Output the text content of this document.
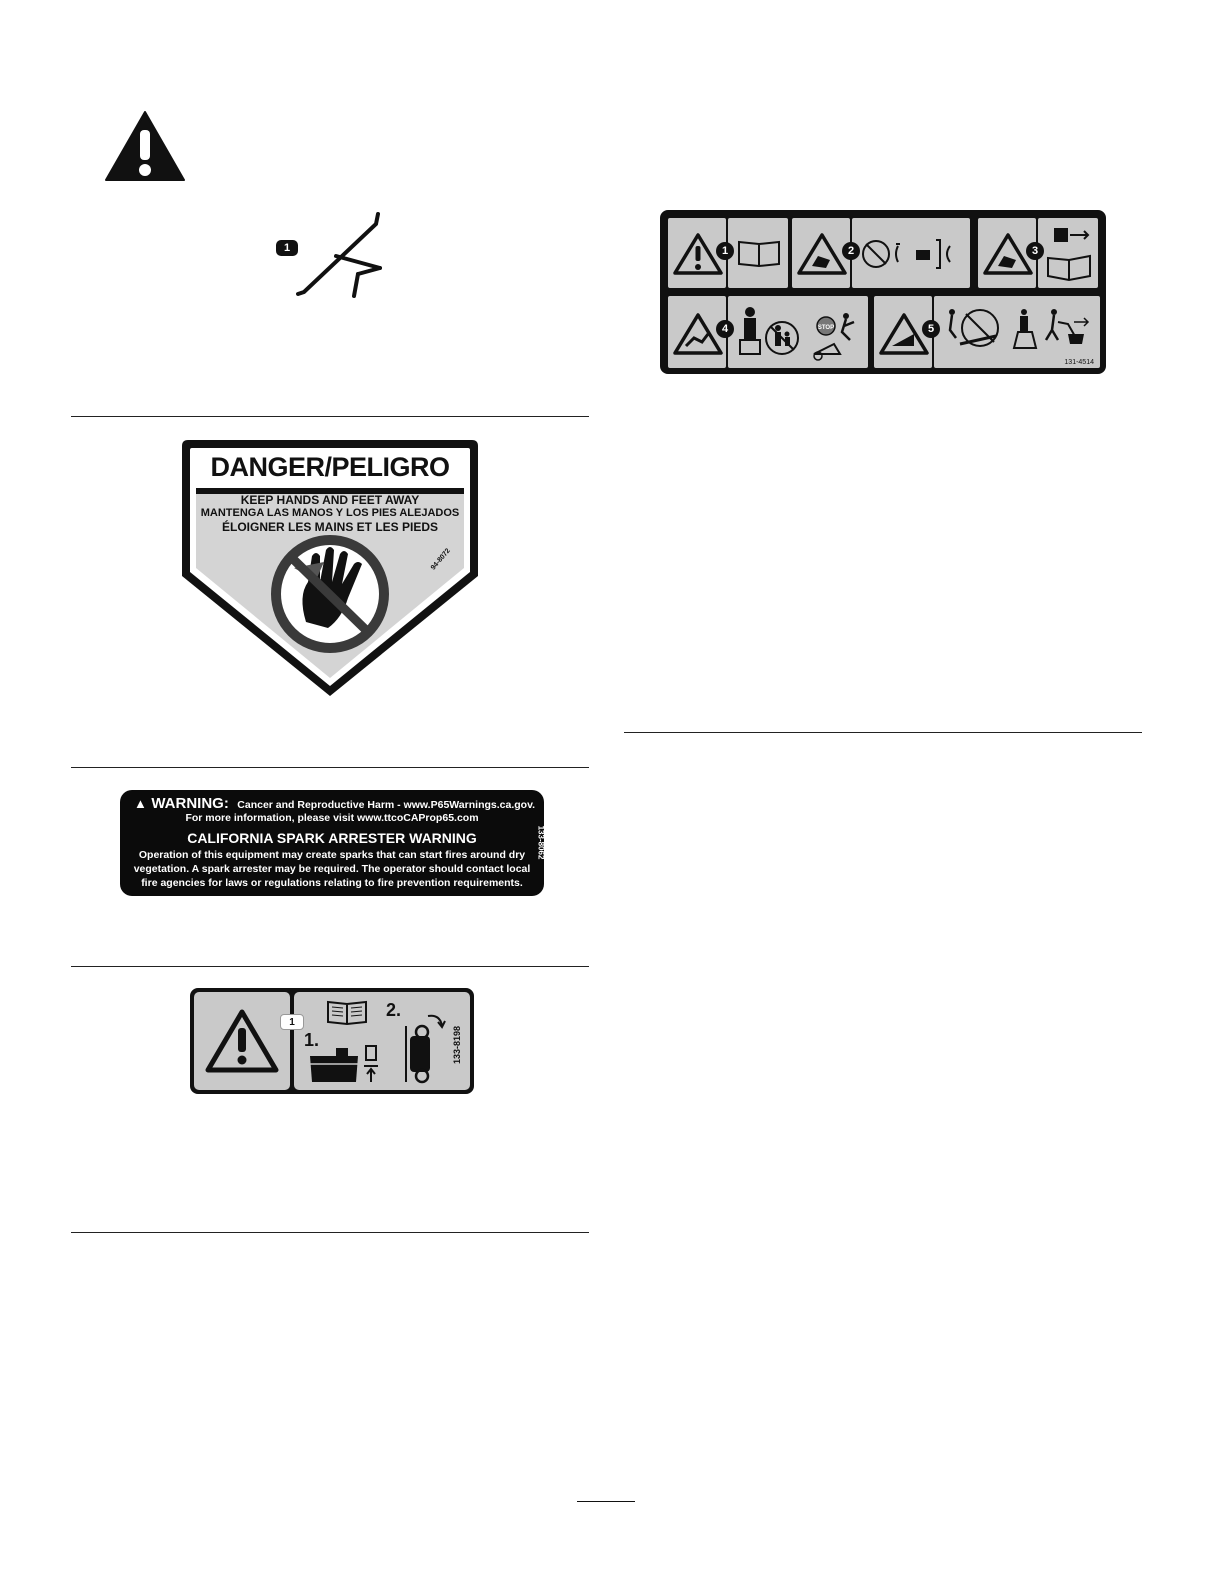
1
DANGER/PELIGRO
KEEP HANDS AND FEET AWAY
MANTENGA LAS MANOS Y LOS PIES ALEJADOS
ÉLOIGNER LES MAINS ET LES PIEDS
94-8072
▲ WARNING: Cancer and Reproductive Harm - www.P65Warnings.ca.gov.
For more information, please visit www.ttcoCAProp65.com
CALIFORNIA SPARK ARRESTER WARNING
Operation of this equipment may create sparks that can start fires around dry
vegetation. A spark arrester may be required. The operator should contact local
fire agencies for laws or regulations relating to fire prevention requirements.
133-8062
1
1.
2.
133-8198
1	2	3
STOP
4
131-4514
5
